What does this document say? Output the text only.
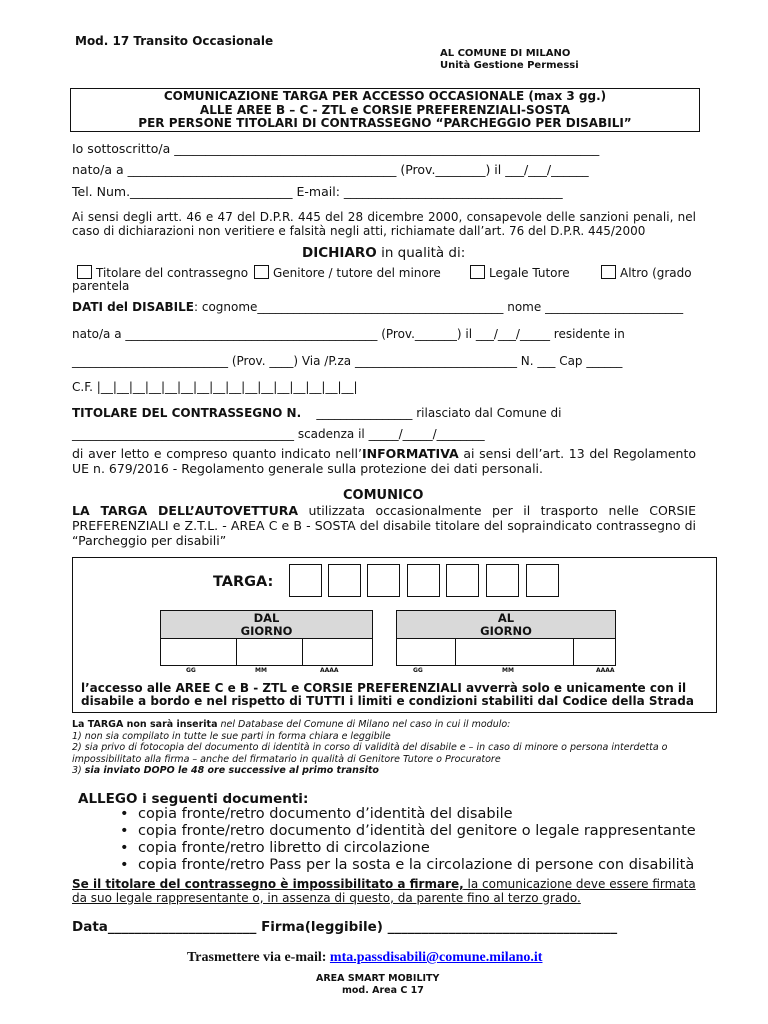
Mod. 17 Transito Occasionale
AL COMUNE DI MILANO
Unità Gestione Permessi
COMUNICAZIONE TARGA PER ACCESSO OCCASIONALE (max 3 gg.)
ALLE AREE B – C - ZTL e CORSIE PREFERENZIALI-SOSTA
PER PERSONE TITOLARI DI CONTRASSEGNO “PARCHEGGIO PER DISABILI”
Io sottoscritto/a ____________________________________________________________________
nato/a a ___________________________________________ (Prov.________) il ___/___/______
Tel. Num.__________________________ E-mail: ___________________________________
Ai sensi degli artt. 46 e 47 del D.P.R. 445 del 28 dicembre 2000, consapevole delle sanzioni penali, nel caso di dichiarazioni non veritiere e falsità negli atti, richiamate dall’art. 76 del D.P.R. 445/2000
DICHIARO in qualità di:
Titolare del contrassegno	Genitore / tutore del minore	Legale Tutore	Altro (grado
parentela
DATI del DISABILE: cognome_________________________________________ nome _______________________
nato/a a __________________________________________ (Prov._______) il ___/___/_____ residente in
__________________________ (Prov. ____) Via /P.za ___________________________ N. ___ Cap ______
C.F. |__|__|__|__|__|__|__|__|__|__|__|__|__|__|__|__|
TITOLARE DEL CONTRASSEGNO N. ________________ rilasciato dal Comune di
_____________________________________ scadenza il _____/_____/________
di aver letto e compreso quanto indicato nell’INFORMATIVA ai sensi dell’art. 13 del Regolamento UE n. 679/2016 - Regolamento generale sulla protezione dei dati personali.
COMUNICO
LA TARGA DELL’AUTOVETTURA utilizzata occasionalmente per il trasporto nelle CORSIE PREFERENZIALI e Z.T.L. - AREA C e B - SOSTA del disabile titolare del sopraindicato contrassegno di “Parcheggio per disabili”
TARGA:
DAL
GIORNO
AL
GIORNO
GG	MM	AAAA	GG	MM	AAAA
l’accesso alle AREE C e B - ZTL e CORSIE PREFERENZIALI avverrà solo e unicamente con il disabile a bordo e nel rispetto di TUTTI i limiti e condizioni stabiliti dal Codice della Strada
La TARGA non sarà inserita nel Database del Comune di Milano nel caso in cui il modulo:
1) non sia compilato in tutte le sue parti in forma chiara e leggibile
2) sia privo di fotocopia del documento di identità in corso di validità del disabile e – in caso di minore o persona interdetta o impossibilitato alla firma – anche del firmatario in qualità di Genitore Tutore o Procuratore
3) sia inviato DOPO le 48 ore successive al primo transito
ALLEGO i seguenti documenti:
• copia fronte/retro documento d’identità del disabile
• copia fronte/retro documento d’identità del genitore o legale rappresentante
• copia fronte/retro libretto di circolazione
• copia fronte/retro Pass per la sosta e la circolazione di persone con disabilità
Se il titolare del contrassegno è impossibilitato a firmare, la comunicazione deve essere firmata da suo legale rappresentante o, in assenza di questo, da parente fino al terzo grado.
Data______________________ Firma(leggibile) __________________________________
Trasmettere via e-mail: mta.passdisabili@comune.milano.it
AREA SMART MOBILITY
mod. Area C 17
